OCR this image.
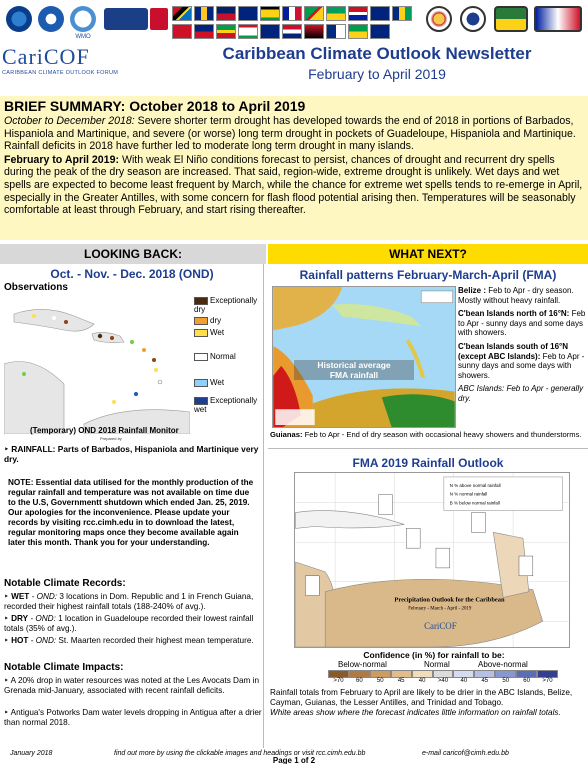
WMO
CariCOF
CARIBBEAN CLIMATE OUTLOOK FORUM
Caribbean Climate Outlook Newsletter
February to April 2019
BRIEF SUMMARY: October 2018 to April 2019

October to December 2018: Severe shorter term drought has developed towards the end of 2018 in portions of Barbados, Hispaniola and Martinique, and severe (or worse) long term drought in pockets of Guadeloupe, Hispaniola and Martinique. Rainfall deficits in 2018 have further led to moderate long term drought in many islands.

February to April 2019: With weak El Niño conditions forecast to persist, chances of drought and recurrent dry spells during the peak of the dry season are increased. That said, region-wide, extreme drought is unlikely. Wet days and wet spells are expected to become least frequent by March, while the chance for extreme wet spells tends to re-emerge in April, especially in the Greater Antilles, with some concern for flash flood potential arising then. Temperatures will be seasonably comfortable at least through February, and start rising thereafter.

LOOKING BACK:	WHAT NEXT?
Oct. - Nov. - Dec. 2018 (OND)
Observations
Exceptionally dry
dry
Wet
Normal
Wet
Exceptionally wet
(Temporary) OND 2018 Rainfall Monitor
Prepared by
‣ RAINFALL: Parts of Barbados, Hispaniola and Martinique very dry.
NOTE: Essential data utilised for the monthly production of the regular rainfall and temperature was not available on time due to the U.S, Governmentt shutdown which ended Jan. 25, 2019. Our apologies for the inconvenience. Please update your records by visiting rcc.cimh.edu in to download the latest, regular monitoring maps once they become available again later this month. Thank you for your understanding.
Notable Climate Records:
‣ WET - OND: 3 locations in Dom. Republic and 1 in French Guiana, recorded their highest rainfall totals (188-240% of avg.).
‣ DRY - OND: 1 location in Guadeloupe recorded their lowest rainfall totals (35% of avg.).
‣ HOT - OND: St. Maarten recorded their highest mean temperature.
Notable Climate Impacts:
‣ A 20% drop in water resources was noted at the Les Avocats Dam in Grenada mid-January, associated with recent rainfall deficits.
‣ Antigua's Potworks Dam water levels dropping in Antigua after a drier than normal 2018.
Rainfall patterns February-March-April (FMA)
Historical average
FMA rainfall

Belize : Feb to Apr - dry season. Mostly without heavy rainfall.

C'bean Islands north of 16°N: Feb to Apr - sunny days and some days with showers.

C'bean Islands south of 16°N (except ABC Islands): Feb to Apr - sunny days and some days with showers.

ABC Islands: Feb to Apr - generally dry.

Guianas: Feb to Apr - End of dry season with occasional heavy showers and thunderstorms.
FMA 2019 Rainfall Outlook
Precipitation Outlook for the Caribbean
February - March - April - 2019
N % above normal rainfall
N % normal rainfall
B % below normal rainfall
CariCOF
Confidence (in %) for rainfall to be:
Below-normal	Normal	Above-normal
>70	60	50	45	40	>40	40	45	50	60	>70
Rainfall totals from February to April are likely to be drier in the ABC Islands, Belize, Cayman, Guianas, the Lesser Antilles, and Trinidad and Tobago.
White areas show where the forecast indicates little information on rainfall totals.
January 2018	find out more by using the clickable images and headings or visit rcc.cimh.edu.bb	e-mail caricof@cimh.edu.bb
Page 1 of 2
